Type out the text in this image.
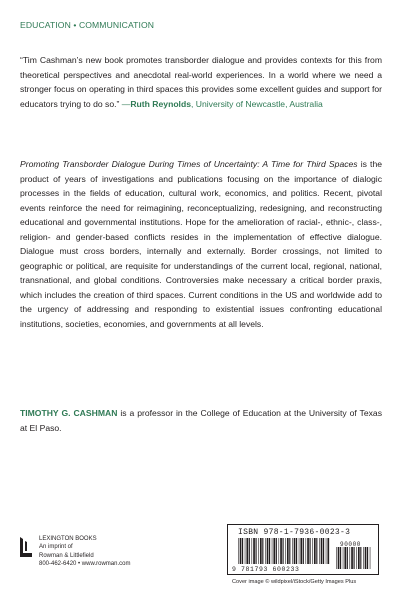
EDUCATION • COMMUNICATION
“Tim Cashman’s new book promotes transborder dialogue and provides contexts for this from theoretical perspectives and anecdotal real-world experiences. In a world where we need a stronger focus on operating in third spaces this provides some excellent guides and support for educators trying to do so.” —Ruth Reynolds, University of Newcastle, Australia
Promoting Transborder Dialogue During Times of Uncertainty: A Time for Third Spaces is the product of years of investigations and publications focusing on the importance of dialogic processes in the fields of education, cultural work, economics, and politics. Recent, pivotal events reinforce the need for reimagining, reconceptualizing, redesigning, and reconstructing educational and governmental institutions. Hope for the amelioration of racial-, ethnic-, class-, religion- and gender-based conflicts resides in the implementation of effective dialogue. Dialogue must cross borders, internally and externally. Border crossings, not limited to geographic or political, are requisite for understandings of the current local, regional, national, transnational, and global conditions. Controversies make necessary a critical border praxis, which includes the creation of third spaces. Current conditions in the US and worldwide add to the urgency of addressing and responding to existential issues confronting educational institutions, societies, economies, and governments at all levels.
TIMOTHY G. CASHMAN is a professor in the College of Education at the University of Texas at El Paso.
LEXINGTON BOOKS
An imprint of
Rowman & Littlefield
800-462-6420 • www.rowman.com
ISBN 978-1-7936-0023-3
9 781793 600233
90000
Cover image © wildpixel/iStock/Getty Images Plus
